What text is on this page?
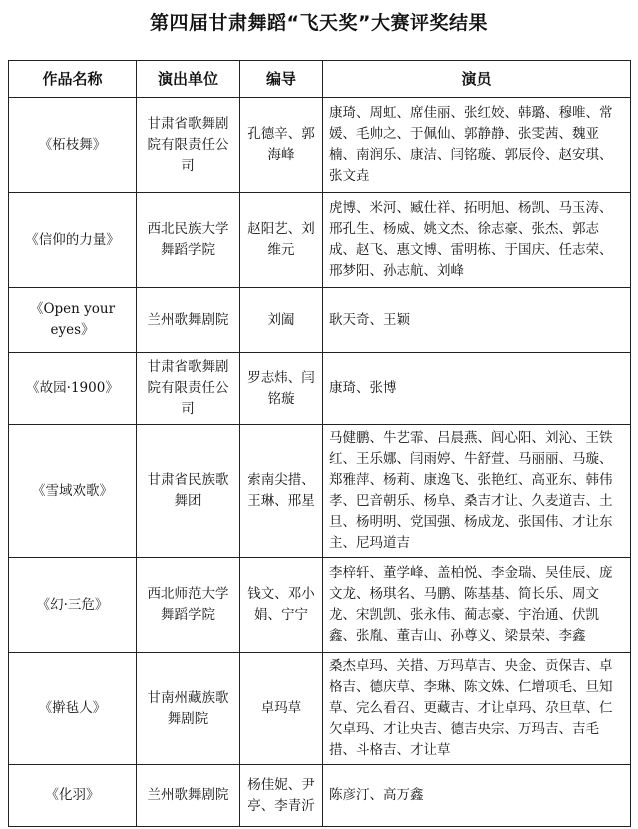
第四届甘肃舞蹈“飞天奖”大赛评奖结果
作品名称	演出单位	编导	演员
《柘枝舞》	甘肃省歌舞剧院有限责任公司	孔德辛、郭海峰	康琦、周虹、席佳丽、张红姣、韩璐、穆唯、常媛、毛帅之、于佩仙、郭静静、张雯茜、魏亚楠、南润乐、康洁、闫铭璇、郭辰伶、赵安琪、张文垚
《信仰的力量》	西北民族大学舞蹈学院	赵阳艺、刘维元	虎博、米河、臧仕祥、拓明旭、杨凯、马玉涛、邢孔生、杨威、姚文杰、徐志豪、张杰、郭志成、赵飞、惠文博、雷明栋、于国庆、任志荣、邢梦阳、孙志航、刘峰
《Open your eyes》	兰州歌舞剧院	刘阖	耿天奇、王颖
《故园·1900》	甘肃省歌舞剧院有限责任公司	罗志炜、闫铭璇	康琦、张博
《雪域欢歌》	甘肃省民族歌舞团	索南尖措、王琳、邢星	马健鹏、牛艺霏、吕晨燕、闾心阳、刘沁、王铁红、王乐娜、闫雨婷、牛舒萱、马丽丽、马璇、郑雅萍、杨莉、康逸飞、张艳红、高亚东、韩伟孝、巴音朝乐、杨阜、桑吉才让、久麦道吉、土旦、杨明明、党国强、杨成龙、张国伟、才让东主、尼玛道吉
《幻·三危》	西北师范大学舞蹈学院	钱文、邓小娟、宁宁	李梓轩、董学峰、盖柏悦、李金瑞、吴佳辰、庞文龙、杨琪名、马鹏、陈基基、简长乐、周文龙、宋凯凯、张永伟、蔺志豪、宇治通、伏凯鑫、张胤、董吉山、孙尊义、梁景荣、李鑫
《擀毡人》	甘南州藏族歌舞剧院	卓玛草	桑杰卓玛、关措、万玛草吉、央金、贡保吉、卓格吉、德庆草、李琳、陈文姝、仁增项毛、旦知草、完么看召、更藏吉、才让卓玛、尕旦草、仁欠卓玛、才让央吉、德吉央宗、万玛吉、吉毛措、斗格吉、才让草
《化羽》	兰州歌舞剧院	杨佳妮、尹亭、李青沂	陈彦汀、高万鑫
